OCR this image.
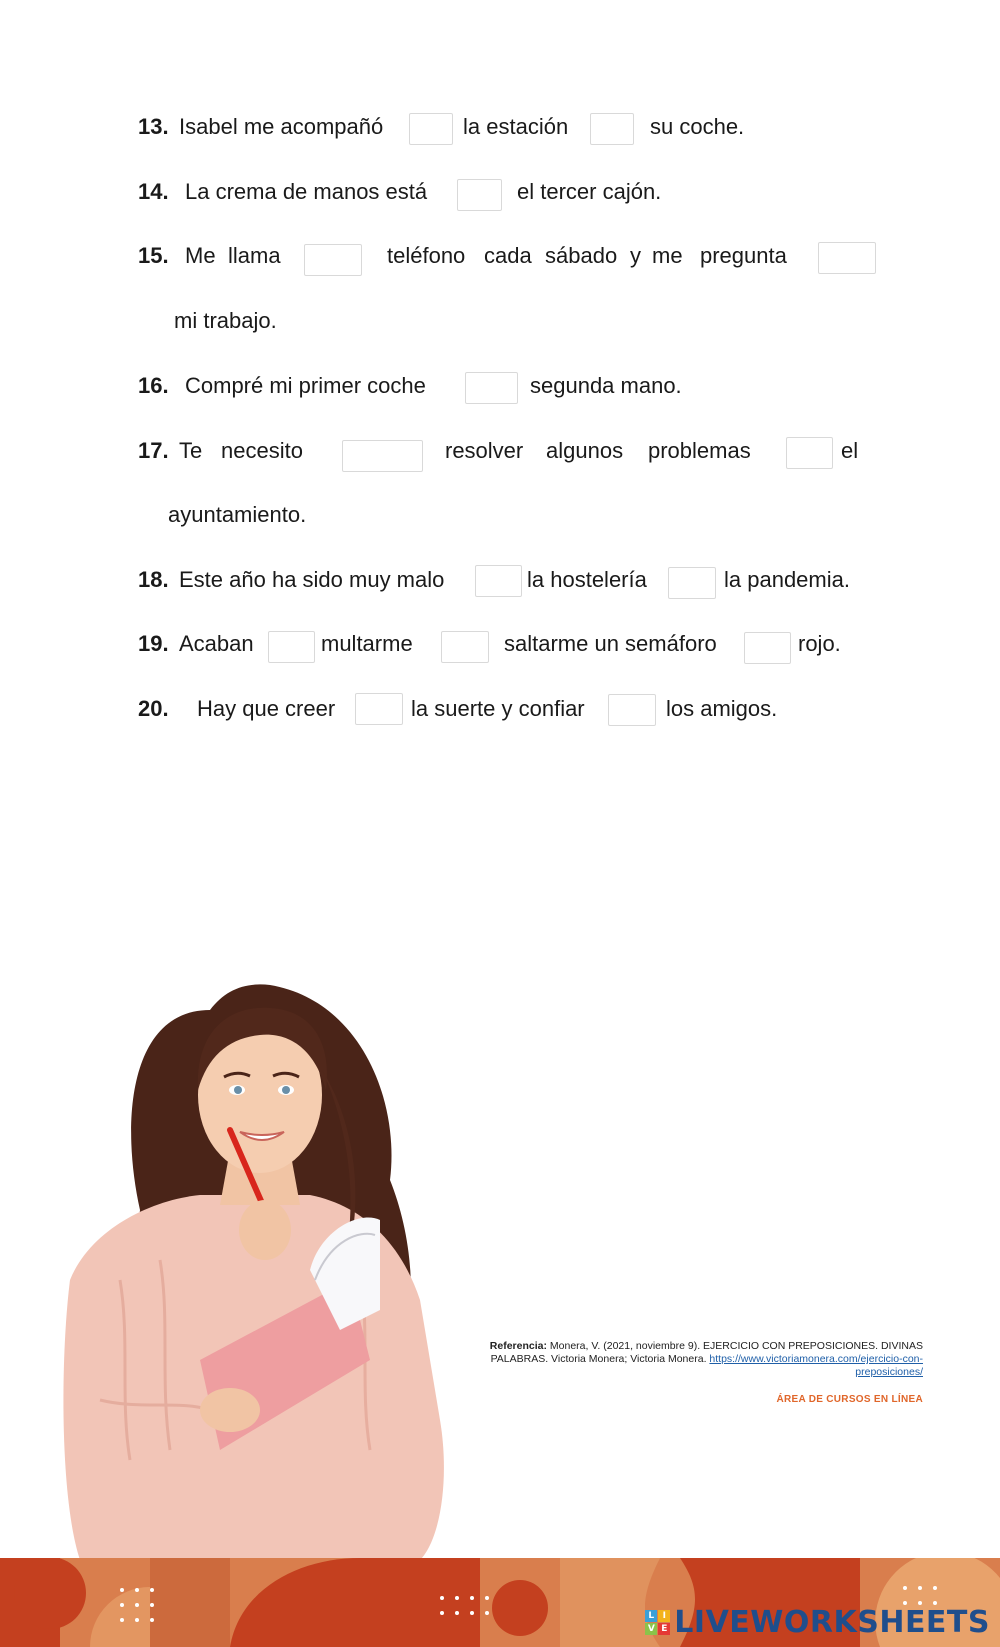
13. Isabel me acompañó	la estación	su coche.
14. La crema de manos está	el tercer cajón.
15. Me llama	teléfono cada sábado y me pregunta
mi trabajo.
16. Compré mi primer coche	segunda mano.
17. Te necesito	resolver algunos problemas	el
ayuntamiento.
18. Este año ha sido muy malo	la hostelería	la pandemia.
19. Acaban	multarme	saltarme un semáforo	rojo.
20. Hay que creer	la suerte y confiar	los amigos.
Referencia: Monera, V. (2021, noviembre 9). EJERCICIO CON PREPOSICIONES. DIVINAS PALABRAS. Victoria Monera; Victoria Monera. https://www.victoriamonera.com/ejercicio-con-preposiciones/
ÁREA DE CURSOS EN LÍNEA
L I
V E LIVEWORKSHEETS
